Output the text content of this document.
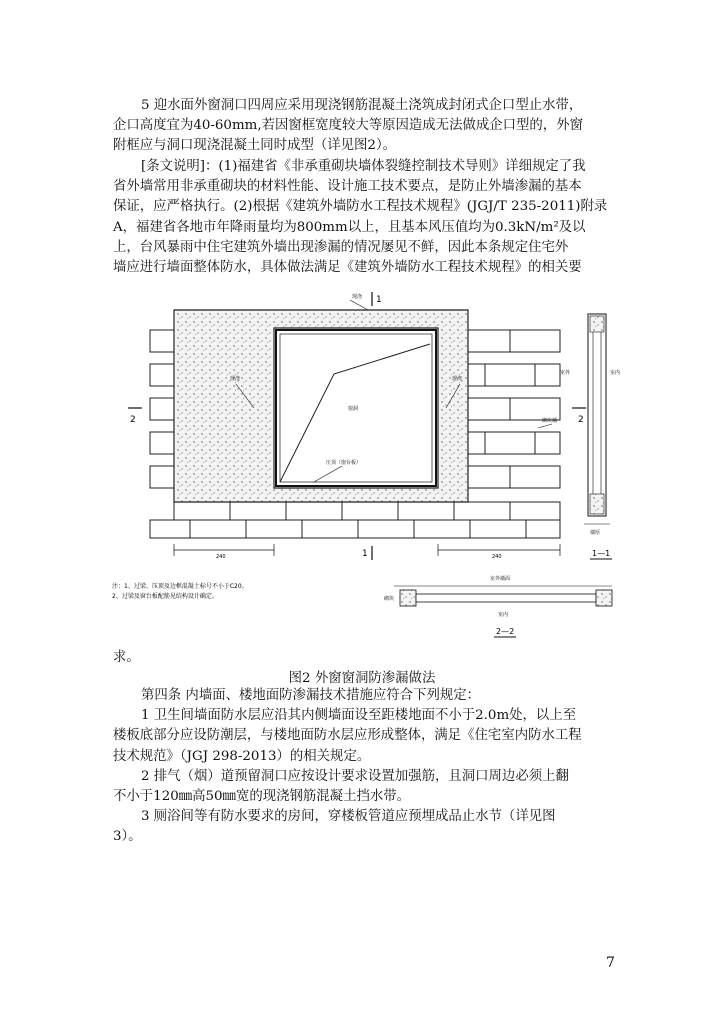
5 迎水面外窗洞口四周应采用现浇钢筋混凝土浇筑成封闭式企口型止水带，
企口高度宜为40-60mm,若因窗框宽度较大等原因造成无法做成企口型的，外窗
附框应与洞口现浇混凝土同时成型（详见图2）。
[条文说明]：(1)福建省《非承重砌块墙体裂缝控制技术导则》详细规定了我
省外墙常用非承重砌块的材料性能、设计施工技术要点，是防止外墙渗漏的基本
保证，应严格执行。(2)根据《建筑外墙防水工程技术规程》(JGJ/T 235-2011)附录
A，福建省各地市年降雨量均为800mm以上，且基本风压值均为0.3kN/m²及以
上，台风暴雨中住宅建筑外墙出现渗漏的情况屡见不鲜，因此本条规定住宅外
墙应进行墙面整体防水，具体做法满足《建筑外墙防水工程技术规程》的相关要
1
1
2	2
现浇
现浇	现浇
窗洞
压顶（窗台板）
砌块墙
240	240
室外	室内
墙厚
1—1
室外墙面
砌块
室内
2—2
注：1、过梁、压顶及边框混凝土标号不小于C20。
2、过梁及窗台板配筋见结构设计确定。
求。
图2 外窗窗洞防渗漏做法
第四条 内墙面、楼地面防渗漏技术措施应符合下列规定：
1 卫生间墙面防水层应沿其内侧墙面设至距楼地面不小于2.0m处，以上至
楼板底部分应设防潮层，与楼地面防水层应形成整体，满足《住宅室内防水工程
技术规范》（JGJ 298-2013）的相关规定。
2 排气（烟）道预留洞口应按设计要求设置加强筋，且洞口周边必须上翻
不小于120㎜高50㎜宽的现浇钢筋混凝土挡水带。
3 厕浴间等有防水要求的房间，穿楼板管道应预埋成品止水节（详见图
3）。
7
